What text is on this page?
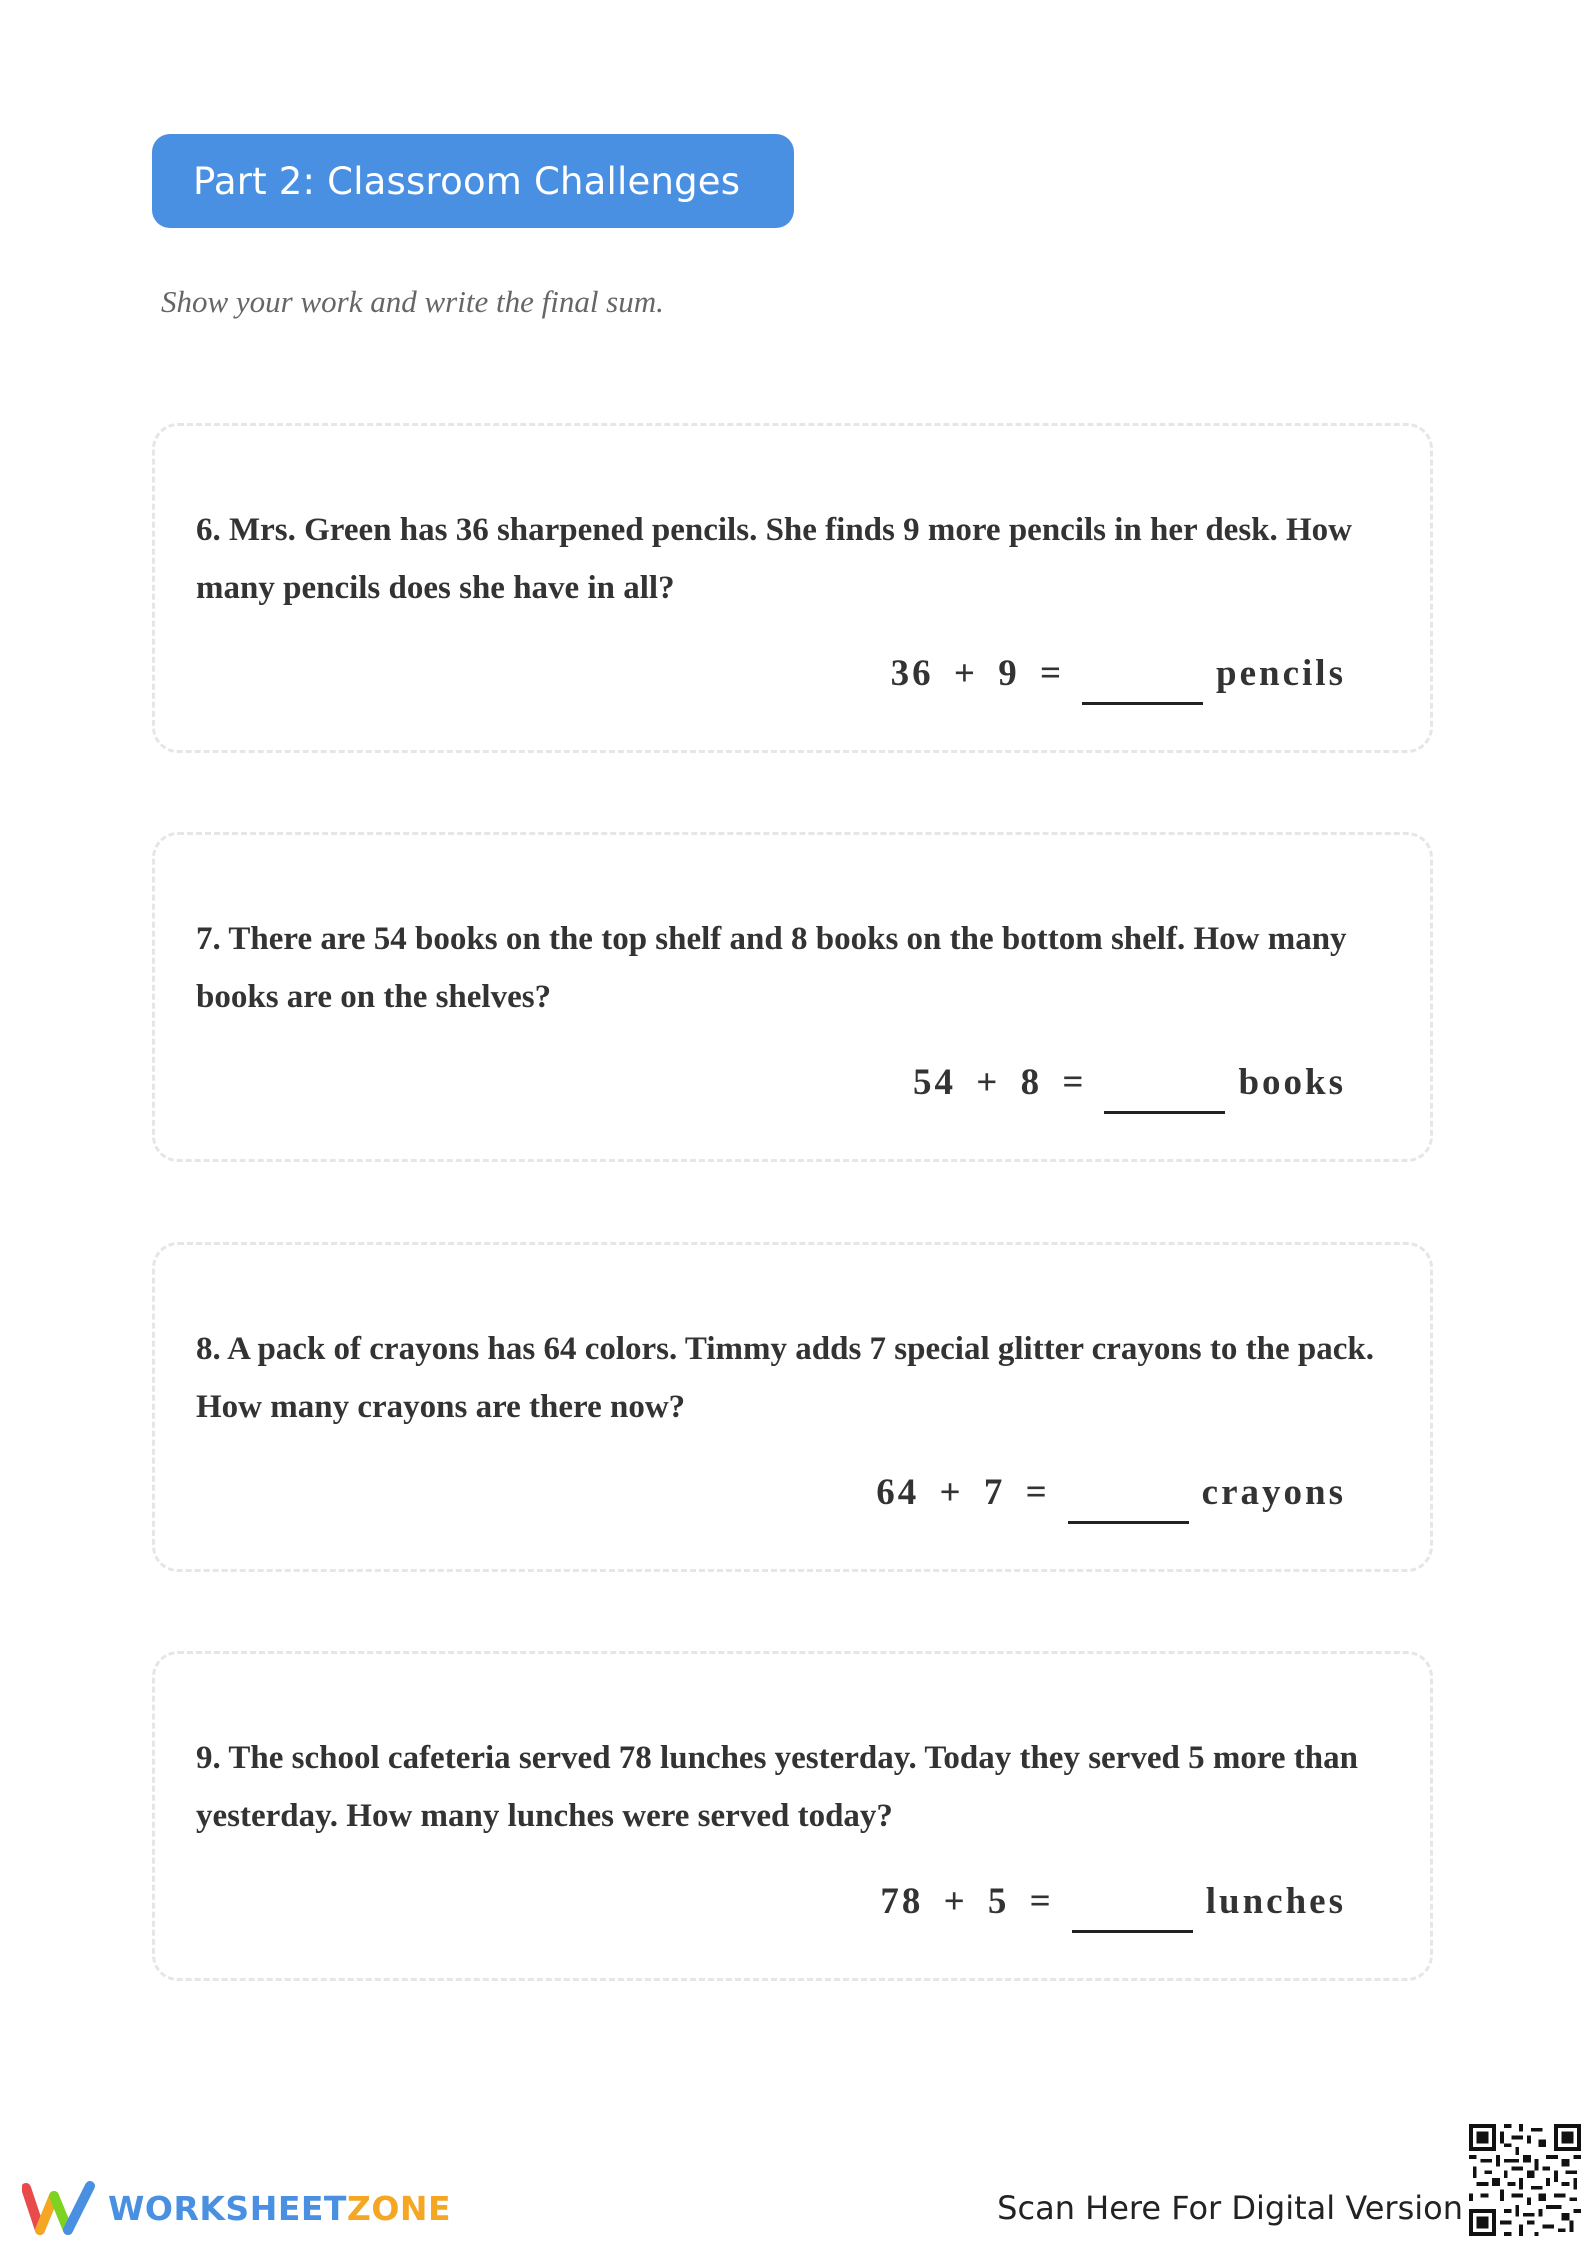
Part 2: Classroom Challenges
Show your work and write the final sum.
6. Mrs. Green has 36 sharpened pencils. She finds 9 more pencils in her desk. How many pencils does she have in all?
36 + 9 =	pencils
7. There are 54 books on the top shelf and 8 books on the bottom shelf. How many books are on the shelves?
54 + 8 =	books
8. A pack of crayons has 64 colors. Timmy adds 7 special glitter crayons to the pack. How many crayons are there now?
64 + 7 =	crayons
9. The school cafeteria served 78 lunches yesterday. Today they served 5 more than yesterday. How many lunches were served today?
78 + 5 =	lunches
WORKSHEETZONE	Scan Here For Digital Version
